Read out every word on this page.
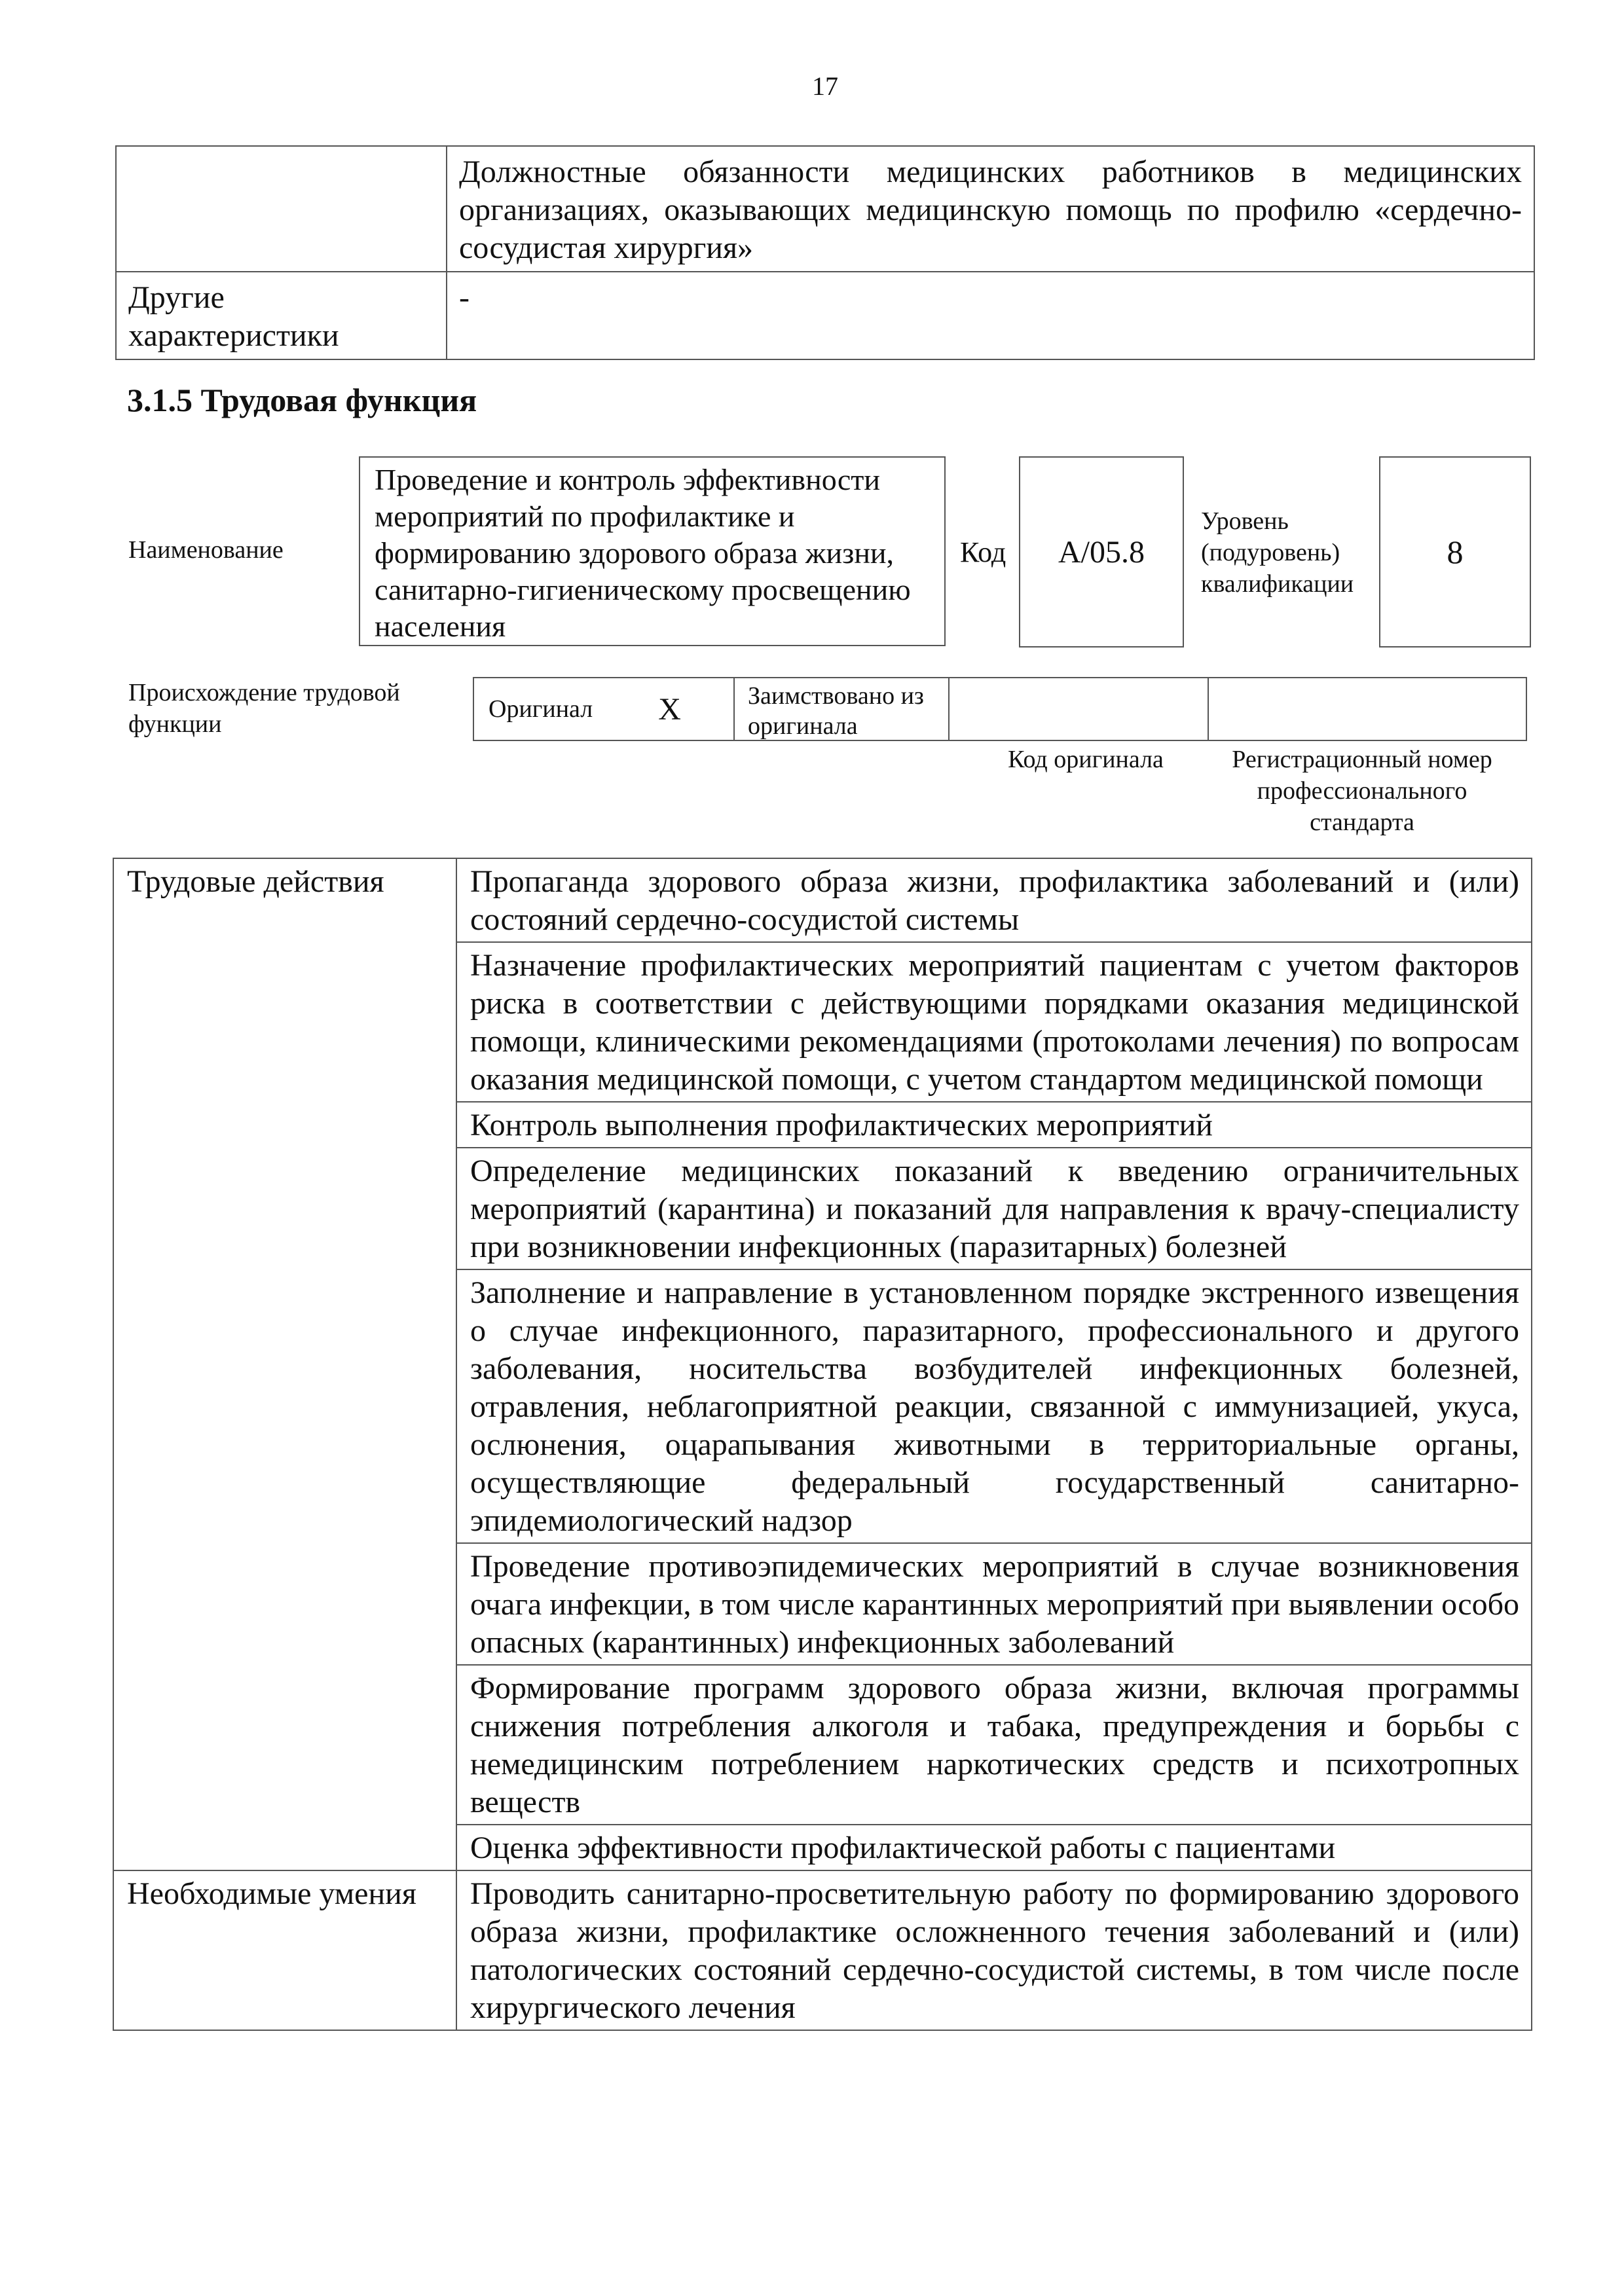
17
	Должностные обязанности медицинских работников в медицинских организациях, оказывающих медицинскую помощь по профилю «сердечно-сосудистая хирургия»
Другие характеристики	-
3.1.5 Трудовая функция
Наименование
Проведение и контроль эффективности мероприятий по профилактике и формированию здорового образа жизни, санитарно-гигиеническому просвещению населения
Код	А/05.8
Уровень (подуровень) квалификации
8
Происхождение трудовой функции
Оригинал Х	Заимствовано из оригинала
Код оригинала	Регистрационный номер профессионального стандарта
Трудовые действия	Пропаганда здорового образа жизни, профилактика заболеваний и (или) состояний сердечно-сосудистой системы
	Назначение профилактических мероприятий пациентам с учетом факторов риска в соответствии с действующими порядками оказания медицинской помощи, клиническими рекомендациями (протоколами лечения) по вопросам оказания медицинской помощи, с учетом стандартом медицинской помощи
	Контроль выполнения профилактических мероприятий
	Определение медицинских показаний к введению ограничительных мероприятий (карантина) и показаний для направления к врачу-специалисту при возникновении инфекционных (паразитарных) болезней
	Заполнение и направление в установленном порядке экстренного извещения о случае инфекционного, паразитарного, профессионального и другого заболевания, носительства возбудителей инфекционных болезней, отравления, неблагоприятной реакции, связанной с иммунизацией, укуса, ослюнения, оцарапывания животными в территориальные органы, осуществляющие федеральный государственный санитарно-эпидемиологический надзор
	Проведение противоэпидемических мероприятий в случае возникновения очага инфекции, в том числе карантинных мероприятий при выявлении особо опасных (карантинных) инфекционных заболеваний
	Формирование программ здорового образа жизни, включая программы снижения потребления алкоголя и табака, предупреждения и борьбы с немедицинским потреблением наркотических средств и психотропных веществ
	Оценка эффективности профилактической работы с пациентами
Необходимые умения	Проводить санитарно-просветительную работу по формированию здорового образа жизни, профилактике осложненного течения заболеваний и (или) патологических состояний сердечно-сосудистой системы, в том числе после хирургического лечения
